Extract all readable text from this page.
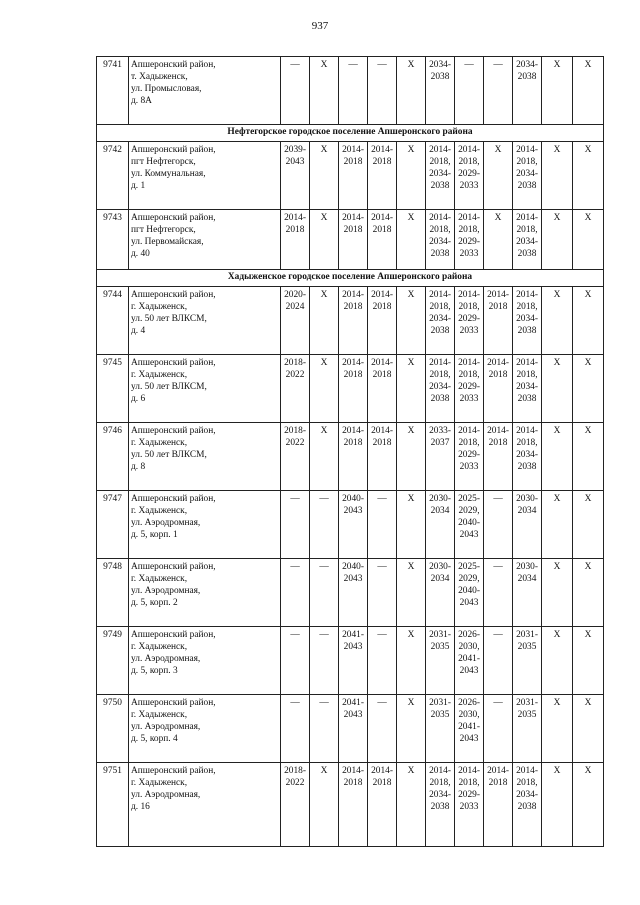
937
9741	Апшеронский район,
т. Хадыженск,
ул. Промысловая,
д. 8А	—	X	—	—	X	2034-
2038	—	—	2034-
2038	X	X

Нефтегорское городское поселение Апшеронского района												
9742	Апшеронский район,
пгт Нефтегорск,
ул. Коммунальная,
д. 1	2039-
2043	X	2014-
2018	2014-
2018	X	2014-
2018,
2034-
2038	2014-
2018,
2029-
2033	X	2014-
2018,
2034-
2038	X	X

9743	Апшеронский район,
пгт Нефтегорск,
ул. Первомайская,
д. 40	2014-
2018	X	2014-
2018	2014-
2018	X	2014-
2018,
2034-
2038	2014-
2018,
2029-
2033	X	2014-
2018,
2034-
2038	X	X

Хадыженское городское поселение Апшеронского района												
9744	Апшеронский район,
г. Хадыженск,
ул. 50 лет ВЛКСМ,
д. 4	2020-
2024	X	2014-
2018	2014-
2018	X	2014-
2018,
2034-
2038	2014-
2018,
2029-
2033	2014-
2018	2014-
2018,
2034-
2038	X	X

9745	Апшеронский район,
г. Хадыженск,
ул. 50 лет ВЛКСМ,
д. 6	2018-
2022	X	2014-
2018	2014-
2018	X	2014-
2018,
2034-
2038	2014-
2018,
2029-
2033	2014-
2018	2014-
2018,
2034-
2038	X	X

9746	Апшеронский район,
г. Хадыженск,
ул. 50 лет ВЛКСМ,
д. 8	2018-
2022	X	2014-
2018	2014-
2018	X	2033-
2037	2014-
2018,
2029-
2033	2014-
2018	2014-
2018,
2034-
2038	X	X

9747	Апшеронский район,
г. Хадыженск,
ул. Аэродромная,
д. 5, корп. 1	—	—	2040-
2043	—	X	2030-
2034	2025-
2029,
2040-
2043	—	2030-
2034	X	X

9748	Апшеронский район,
г. Хадыженск,
ул. Аэродромная,
д. 5, корп. 2	—	—	2040-
2043	—	X	2030-
2034	2025-
2029,
2040-
2043	—	2030-
2034	X	X

9749	Апшеронский район,
г. Хадыженск,
ул. Аэродромная,
д. 5, корп. 3	—	—	2041-
2043	—	X	2031-
2035	2026-
2030,
2041-
2043	—	2031-
2035	X	X

9750	Апшеронский район,
г. Хадыженск,
ул. Аэродромная,
д. 5, корп. 4	—	—	2041-
2043	—	X	2031-
2035	2026-
2030,
2041-
2043	—	2031-
2035	X	X

9751	Апшеронский район,
г. Хадыженск,
ул. Аэродромная,
д. 16	2018-
2022	X	2014-
2018	2014-
2018	X	2014-
2018,
2034-
2038	2014-
2018,
2029-
2033	2014-
2018	2014-
2018,
2034-
2038	X	X
